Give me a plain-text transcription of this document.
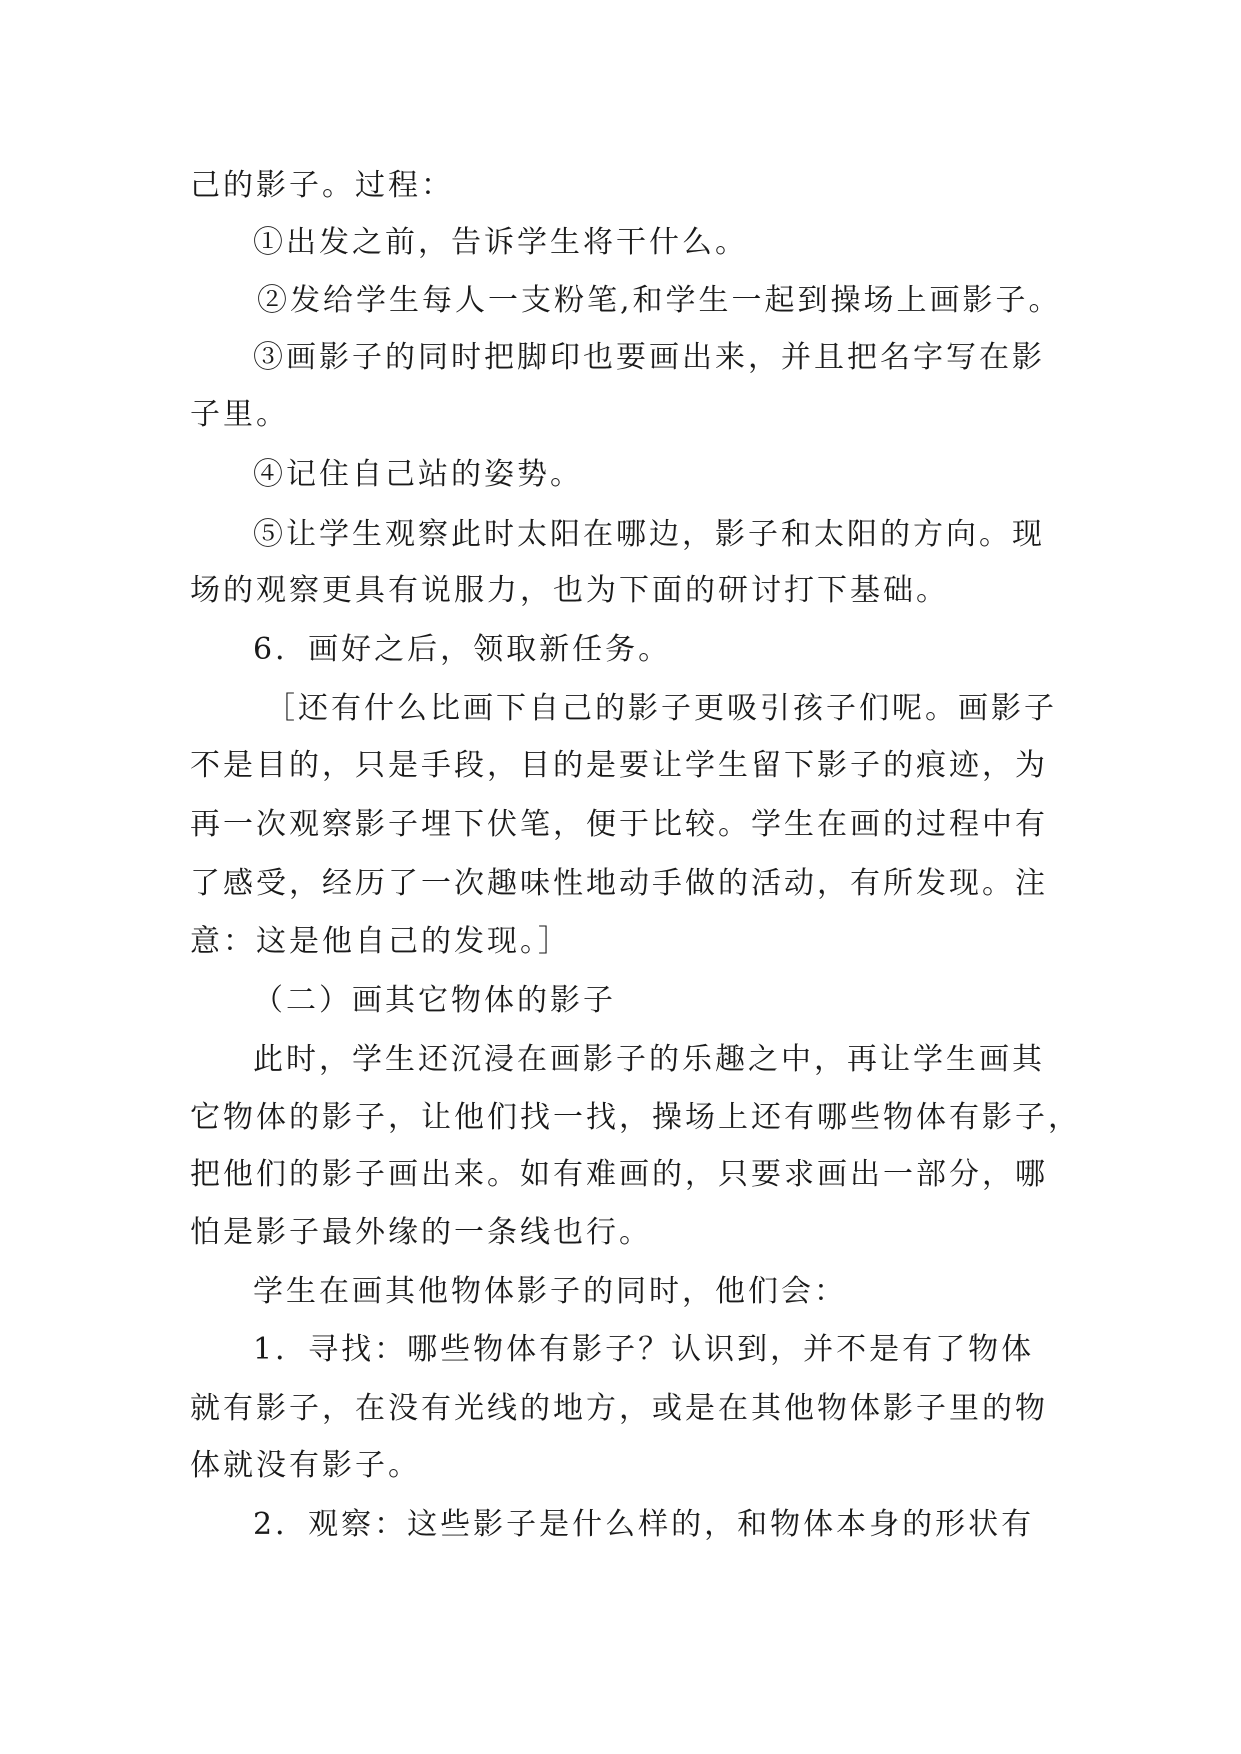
己的影子。过程：
①出发之前，告诉学生将干什么。
②发给学生每人一支粉笔,和学生一起到操场上画影子。
③画影子的同时把脚印也要画出来，并且把名字写在影
子里。
④记住自己站的姿势。
⑤让学生观察此时太阳在哪边，影子和太阳的方向。现
场的观察更具有说服力，也为下面的研讨打下基础。
6．画好之后，领取新任务。
［还有什么比画下自己的影子更吸引孩子们呢。画影子
不是目的，只是手段，目的是要让学生留下影子的痕迹，为
再一次观察影子埋下伏笔，便于比较。学生在画的过程中有
了感受，经历了一次趣味性地动手做的活动，有所发现。注
意：这是他自己的发现。］
（二）画其它物体的影子
此时，学生还沉浸在画影子的乐趣之中，再让学生画其
它物体的影子，让他们找一找，操场上还有哪些物体有影子，
把他们的影子画出来。如有难画的，只要求画出一部分，哪
怕是影子最外缘的一条线也行。
学生在画其他物体影子的同时，他们会：
1．寻找：哪些物体有影子？认识到，并不是有了物体
就有影子，在没有光线的地方，或是在其他物体影子里的物
体就没有影子。
2．观察：这些影子是什么样的，和物体本身的形状有
